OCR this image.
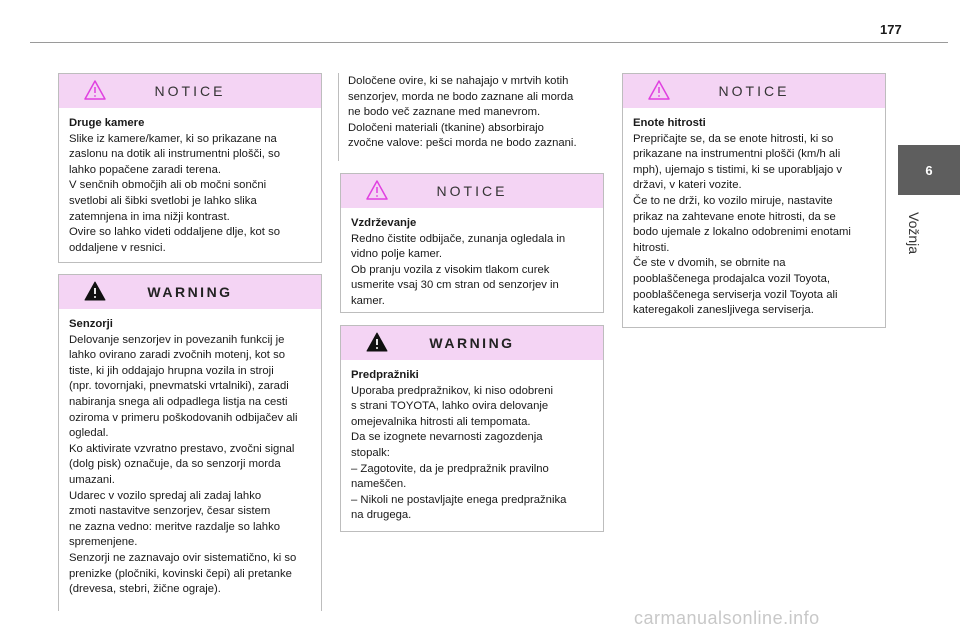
177
6
Vožnja
NOTICE
Druge kamere
Slike iz kamere/kamer, ki so prikazane na
zaslonu na dotik ali instrumentni plošči, so
lahko popačene zaradi terena.
V senčnih območjih ali ob močni sončni
svetlobi ali šibki svetlobi je lahko slika
zatemnjena in ima nižji kontrast.
Ovire so lahko videti oddaljene dlje, kot so
oddaljene v resnici.
WARNING
Senzorji
Delovanje senzorjev in povezanih funkcij je
lahko ovirano zaradi zvočnih motenj, kot so
tiste, ki jih oddajajo hrupna vozila in stroji
(npr. tovornjaki, pnevmatski vrtalniki), zaradi
nabiranja snega ali odpadlega listja na cesti
oziroma v primeru poškodovanih odbijačev ali
ogledal.
Ko aktivirate vzvratno prestavo, zvočni signal
(dolg pisk) označuje, da so senzorji morda
umazani.
Udarec v vozilo spredaj ali zadaj lahko
zmoti nastavitve senzorjev, česar sistem
ne zazna vedno: meritve razdalje so lahko
spremenjene.
Senzorji ne zaznavajo ovir sistematično, ki so
prenizke (pločniki, kovinski čepi) ali pretanke
(drevesa, stebri, žične ograje).
Določene ovire, ki se nahajajo v mrtvih kotih
senzorjev, morda ne bodo zaznane ali morda
ne bodo več zaznane med manevrom.
Določeni materiali (tkanine) absorbirajo
zvočne valove: pešci morda ne bodo zaznani.
NOTICE
Vzdrževanje
Redno čistite odbijače, zunanja ogledala in
vidno polje kamer.
Ob pranju vozila z visokim tlakom curek
usmerite vsaj 30 cm stran od senzorjev in
kamer.
WARNING
Predpražniki
Uporaba predpražnikov, ki niso odobreni
s strani TOYOTA, lahko ovira delovanje
omejevalnika hitrosti ali tempomata.
Da se izognete nevarnosti zagozdenja
stopalk:
– Zagotovite, da je predpražnik pravilno
nameščen.
– Nikoli ne postavljajte enega predpražnika
na drugega.
NOTICE
Enote hitrosti
Prepričajte se, da se enote hitrosti, ki so
prikazane na instrumentni plošči (km/h ali
mph), ujemajo s tistimi, ki se uporabljajo v
državi, v kateri vozite.
Če to ne drži, ko vozilo miruje, nastavite
prikaz na zahtevane enote hitrosti, da se
bodo ujemale z lokalno odobrenimi enotami
hitrosti.
Če ste v dvomih, se obrnite na
pooblaščenega prodajalca vozil Toyota,
pooblaščenega serviserja vozil Toyota ali
kateregakoli zanesljivega serviserja.
carmanualsonline.info
